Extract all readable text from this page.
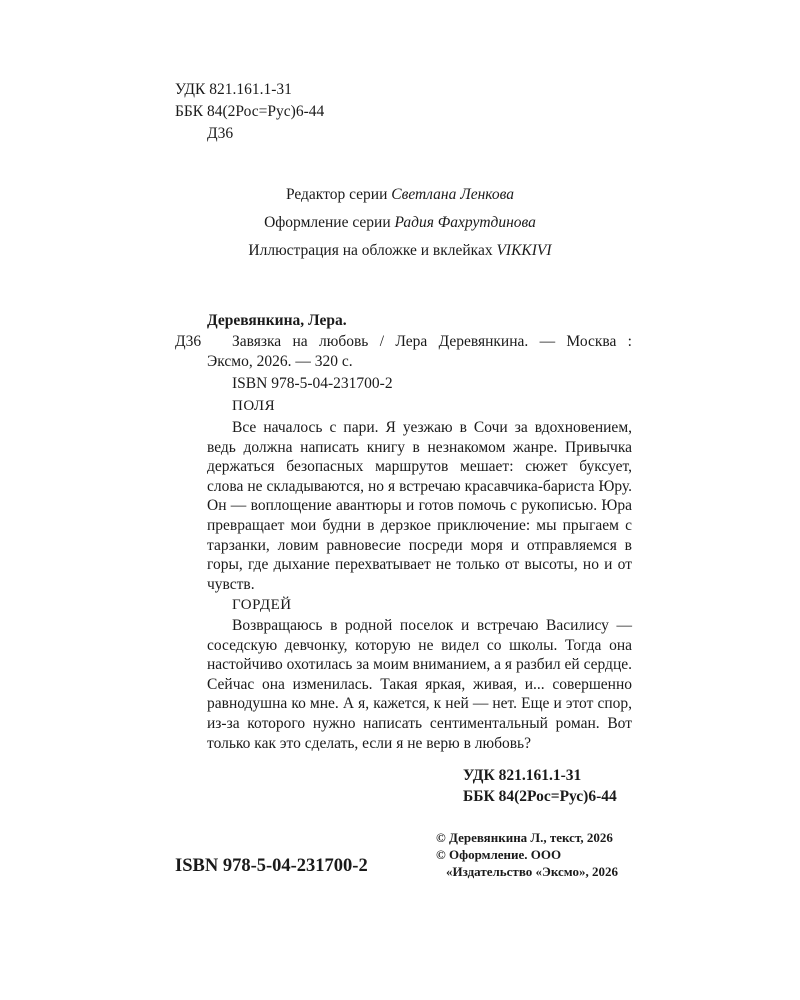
УДК 821.161.1-31
ББК 84(2Рос=Рус)6-44
Д36
Редактор серии Светлана Ленкова
Оформление серии Радия Фахрутдинова
Иллюстрация на обложке и вклейках VIKKIVI
Деревянкина, Лера.
Д36 Завязка на любовь / Лера Деревянкина. — Москва :
Эксмо, 2026. — 320 с.
ISBN 978-5-04-231700-2
ПОЛЯ
Все началось с пари. Я уезжаю в Сочи за вдохновением, ведь должна написать книгу в незнакомом жанре. Привычка держаться безопасных маршрутов мешает: сюжет буксует, слова не складываются, но я встречаю красавчика-бариста Юру. Он — воплощение авантюры и готов помочь с рукописью. Юра превращает мои будни в дерзкое приключение: мы прыгаем с тарзанки, ловим равновесие посреди моря и отправляемся в горы, где дыхание перехватывает не только от высоты, но и от чувств.
ГОРДЕЙ
Возвращаюсь в родной поселок и встречаю Василису — соседскую девчонку, которую не видел со школы. Тогда она настойчиво охотилась за моим вниманием, а я разбил ей сердце. Сейчас она изменилась. Такая яркая, живая, и... совершенно равнодушна ко мне. А я, кажется, к ней — нет. Еще и этот спор, из-за которого нужно написать сентиментальный роман. Вот только как это сделать, если я не верю в любовь?
УДК 821.161.1-31
ББК 84(2Рос=Рус)6-44
ISBN 978-5-04-231700-2
© Деревянкина Л., текст, 2026
© Оформление. ООО
«Издательство «Эксмо», 2026
